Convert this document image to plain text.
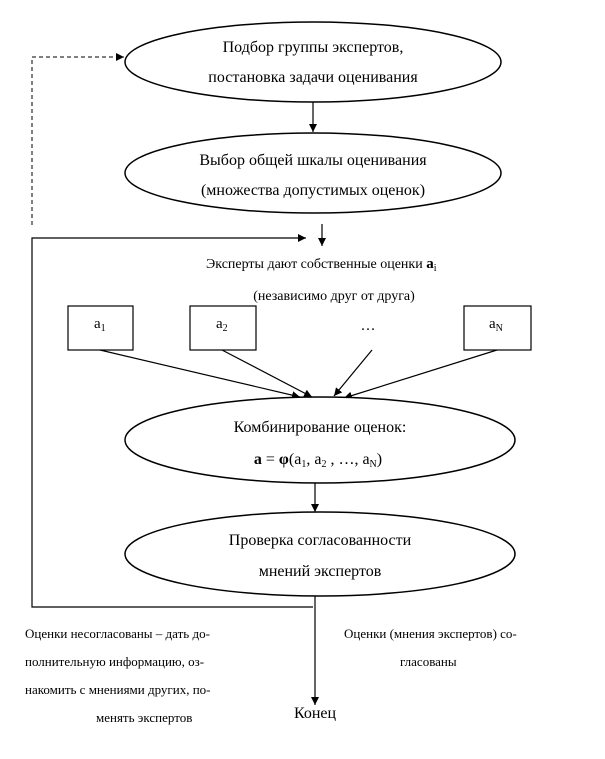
Подбор группы экспертов,
постановка задачи оценивания
Выбор общей шкалы оценивания
(множества допустимых оценок)
Эксперты дают собственные оценки $a_i$
(независимо друг от друга)
$a_1$	$a_2$	…	$a_N$
Комбинирование оценок:
a = φ(a1, a2 , …, aN)
Проверка согласованности
мнений экспертов
Оценки несогласованы – дать до-
полнительную информацию, оз-
накомить с мнениями других, по-
менять экспертов
Оценки (мнения экспертов) со-
гласованы
Конец
